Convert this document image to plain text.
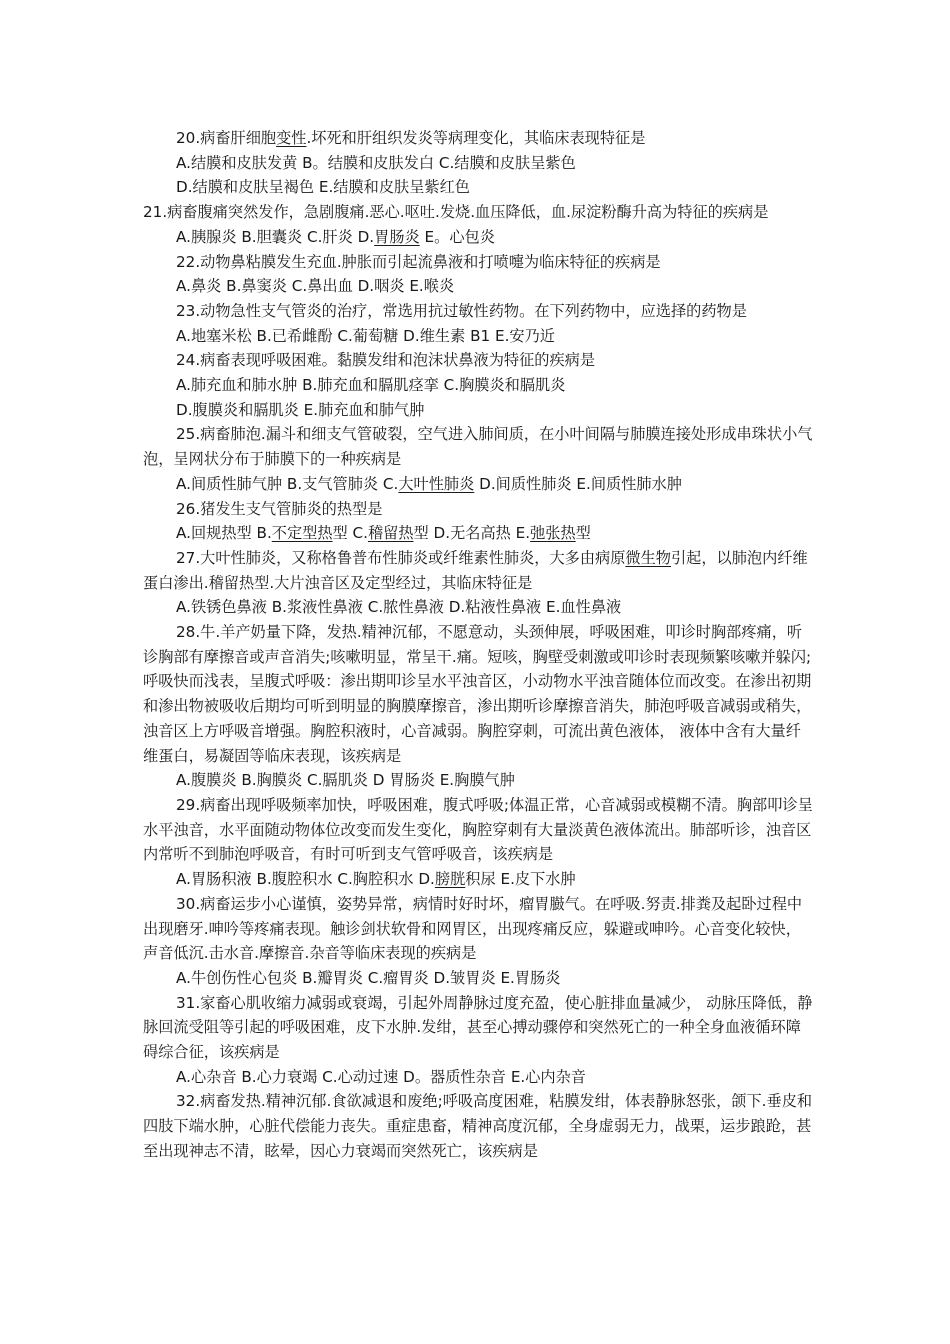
20.病畜肝细胞变性.坏死和肝组织发炎等病理变化，其临床表现特征是
A.结膜和皮肤发黄 B。结膜和皮肤发白 C.结膜和皮肤呈紫色
D.结膜和皮肤呈褐色 E.结膜和皮肤呈紫红色
21.病畜腹痛突然发作，急剧腹痛.恶心.呕吐.发烧.血压降低，血.尿淀粉酶升高为特征的疾病是
A.胰腺炎 B.胆囊炎 C.肝炎 D.胃肠炎 E。心包炎
22.动物鼻粘膜发生充血.肿胀而引起流鼻液和打喷嚏为临床特征的疾病是
A.鼻炎 B.鼻窦炎 C.鼻出血 D.咽炎 E.喉炎
23.动物急性支气管炎的治疗，常选用抗过敏性药物。在下列药物中，应选择的药物是
A.地塞米松 B.已希雌酚 C.葡萄糖 D.维生素 B1 E.安乃近
24.病畜表现呼吸困难。黏膜发绀和泡沫状鼻液为特征的疾病是
A.肺充血和肺水肿 B.肺充血和膈肌痉挛 C.胸膜炎和膈肌炎
D.腹膜炎和膈肌炎 E.肺充血和肺气肿
25.病畜肺泡.漏斗和细支气管破裂，空气进入肺间质，在小叶间隔与肺膜连接处形成串珠状小气泡，呈网状分布于肺膜下的一种疾病是
A.间质性肺气肿 B.支气管肺炎 C.大叶性肺炎 D.间质性肺炎 E.间质性肺水肿
26.猪发生支气管肺炎的热型是
A.回规热型 B.不定型热型 C.稽留热型 D.无名高热 E.弛张热型
27.大叶性肺炎，又称格鲁普布性肺炎或纤维素性肺炎，大多由病原微生物引起，以肺泡内纤维蛋白渗出.稽留热型.大片浊音区及定型经过，其临床特征是
A.铁锈色鼻液 B.浆液性鼻液 C.脓性鼻液 D.粘液性鼻液 E.血性鼻液
28.牛.羊产奶量下降，发热.精神沉郁，不愿意动，头颈伸展，呼吸困难，叩诊时胸部疼痛，听诊胸部有摩擦音或声音消失;咳嗽明显，常呈干.痛。短咳，胸壁受刺激或叩诊时表现频繁咳嗽并躲闪;呼吸快而浅表，呈腹式呼吸：渗出期叩诊呈水平浊音区，小动物水平浊音随体位而改变。在渗出初期和渗出物被吸收后期均可听到明显的胸膜摩擦音，渗出期听诊摩擦音消失，肺泡呼吸音减弱或稍失，浊音区上方呼吸音增强。胸腔积液时，心音减弱。胸腔穿刺，可流出黄色液体， 液体中含有大量纤维蛋白，易凝固等临床表现，该疾病是
A.腹膜炎 B.胸膜炎 C.膈肌炎 D 胃肠炎 E.胸膜气肿
29.病畜出现呼吸频率加快，呼吸困难，腹式呼吸;体温正常，心音减弱或模糊不清。胸部叩诊呈水平浊音，水平面随动物体位改变而发生变化，胸腔穿刺有大量淡黄色液体流出。肺部听诊，浊音区内常听不到肺泡呼吸音，有时可听到支气管呼吸音，该疾病是
A.胃肠积液 B.腹腔积水 C.胸腔积水 D.膀胱积尿 E.皮下水肿
30.病畜运步小心谨慎，姿势异常，病情时好时坏，瘤胃臌气。在呼吸.努责.排粪及起卧过程中出现磨牙.呻吟等疼痛表现。触诊剑状软骨和网胃区，出现疼痛反应，躲避或呻吟。心音变化较快，声音低沉.击水音.摩擦音.杂音等临床表现的疾病是
A.牛创伤性心包炎 B.瓣胃炎 C.瘤胃炎 D.皱胃炎 E.胃肠炎
31.家畜心肌收缩力减弱或衰竭，引起外周静脉过度充盈，使心脏排血量减少， 动脉压降低，静脉回流受阻等引起的呼吸困难，皮下水肿.发绀，甚至心搏动骤停和突然死亡的一种全身血液循环障碍综合征，该疾病是
A.心杂音 B.心力衰竭 C.心动过速 D。器质性杂音 E.心内杂音
32.病畜发热.精神沉郁.食欲减退和废绝;呼吸高度困难，粘膜发绀，体表静脉怒张，颌下.垂皮和四肢下端水肿，心脏代偿能力丧失。重症患畜，精神高度沉郁，全身虚弱无力，战栗，运步踉跄，甚至出现神志不清，眩晕，因心力衰竭而突然死亡，该疾病是
